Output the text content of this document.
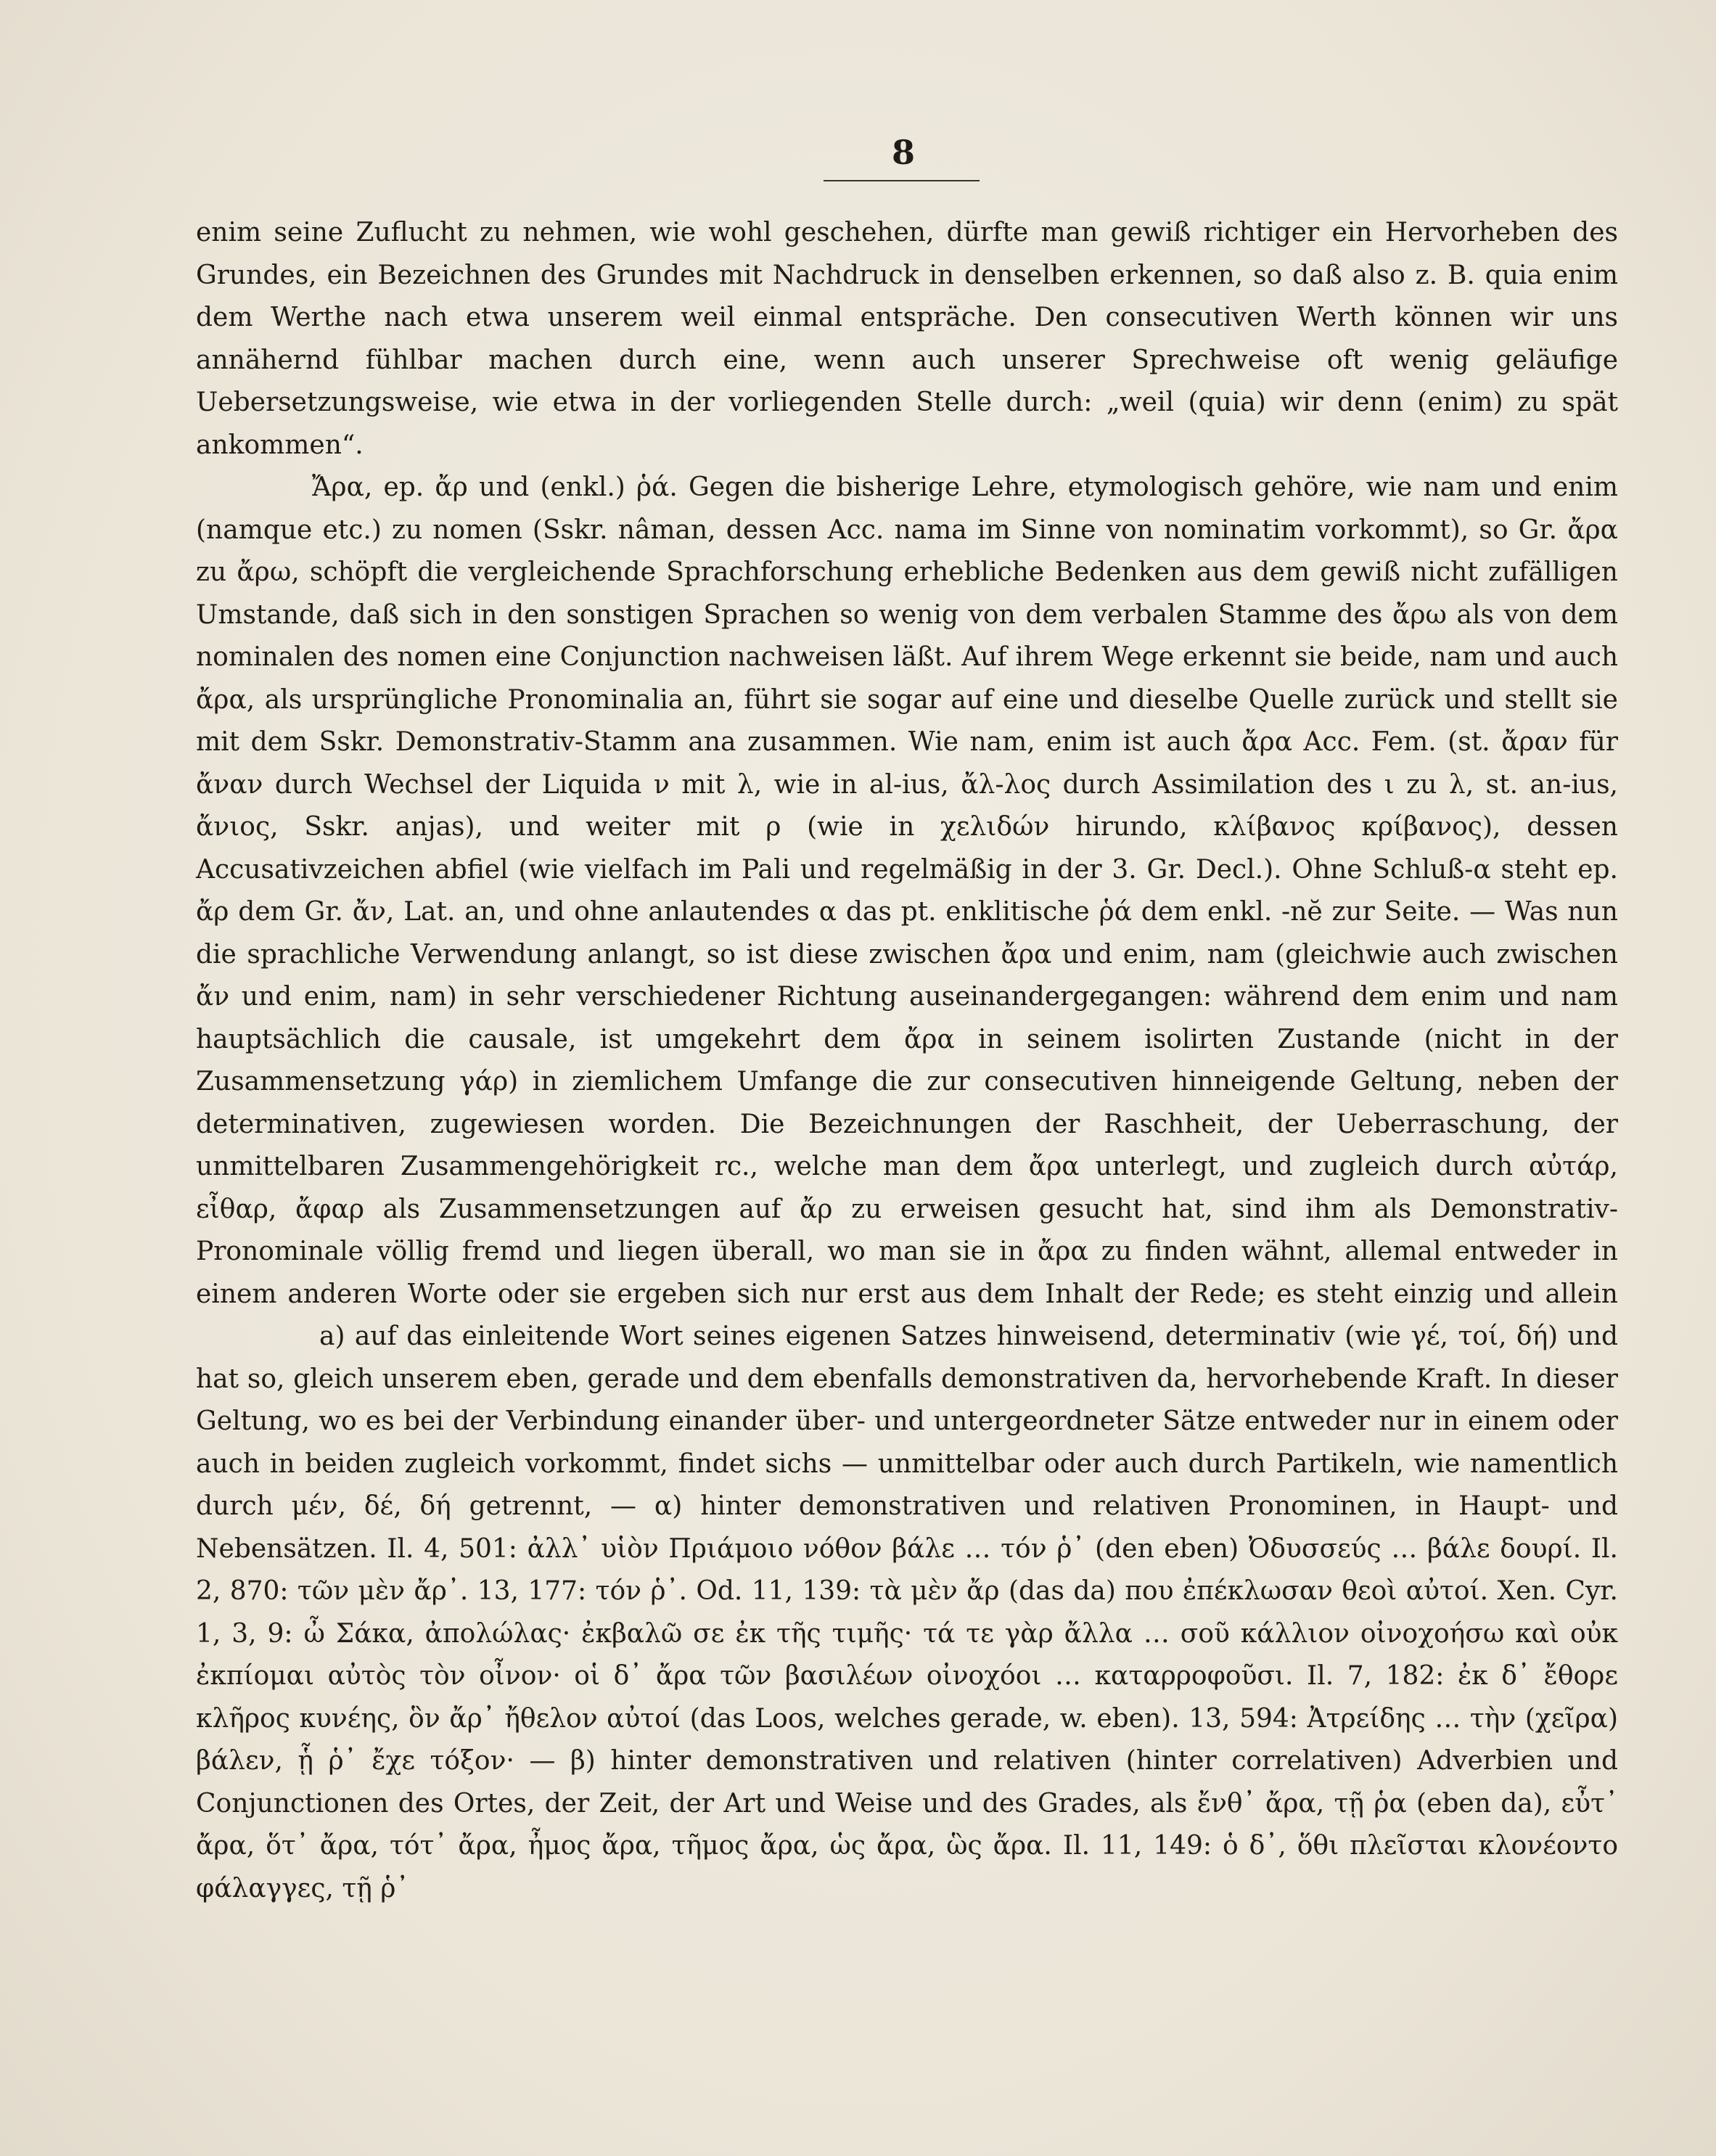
8

enim seine Zuflucht zu nehmen, wie wohl geschehen, dürfte man gewiß richtiger ein Hervorheben des Grundes, ein Bezeichnen des Grundes mit Nachdruck in denselben erkennen, so daß also z. B. quia enim dem Werthe nach etwa unserem weil einmal entspräche. Den consecutiven Werth können wir uns annähernd fühlbar machen durch eine, wenn auch unserer Sprechweise oft wenig geläufige Uebersetzungsweise, wie etwa in der vorliegenden Stelle durch: „weil (quia) wir denn (enim) zu spät ankommen“.

Ἄρα, ep. ἄρ und (enkl.) ῥά. Gegen die bisherige Lehre, etymologisch gehöre, wie nam und enim (namque etc.) zu nomen (Sskr. nâman, dessen Acc. nama im Sinne von nominatim vorkommt), so Gr. ἄρα zu ἄρω, schöpft die vergleichende Sprachforschung erhebliche Bedenken aus dem gewiß nicht zufälligen Umstande, daß sich in den sonstigen Sprachen so wenig von dem verbalen Stamme des ἄρω als von dem nominalen des nomen eine Conjunction nachweisen läßt. Auf ihrem Wege erkennt sie beide, nam und auch ἄρα, als ursprüngliche Pronominalia an, führt sie sogar auf eine und dieselbe Quelle zurück und stellt sie mit dem Sskr. Demonstrativ-Stamm ana zusammen. Wie nam, enim ist auch ἄρα Acc. Fem. (st. ἄραν für ἄναν durch Wechsel der Liquida ν mit λ, wie in al-ius, ἄλ-λος durch Assimilation des ι zu λ, st. an-ius, ἄνιος, Sskr. anjas), und weiter mit ρ (wie in χελιδών hirundo, κλίβανος κρίβανος), dessen Accusativzeichen abfiel (wie vielfach im Pali und regelmäßig in der 3. Gr. Decl.). Ohne Schluß-α steht ep. ἄρ dem Gr. ἄν, Lat. an, und ohne anlautendes α das pt. enklitische ῥά dem enkl. -nĕ zur Seite. — Was nun die sprachliche Verwendung anlangt, so ist diese zwischen ἄρα und enim, nam (gleichwie auch zwischen ἄν und enim, nam) in sehr verschiedener Richtung auseinandergegangen: während dem enim und nam hauptsächlich die causale, ist umgekehrt dem ἄρα in seinem isolirten Zustande (nicht in der Zusammensetzung γάρ) in ziemlichem Umfange die zur consecutiven hinneigende Geltung, neben der determinativen, zugewiesen worden. Die Bezeichnungen der Raschheit, der Ueberraschung, der unmittelbaren Zusammengehörigkeit rc., welche man dem ἄρα unterlegt, und zugleich durch αὐτάρ, εἶθαρ, ἄφαρ als Zusammensetzungen auf ἄρ zu erweisen gesucht hat, sind ihm als Demonstrativ-Pronominale völlig fremd und liegen überall, wo man sie in ἄρα zu finden wähnt, allemal entweder in einem anderen Worte oder sie ergeben sich nur erst aus dem Inhalt der Rede; es steht einzig und allein

a) auf das einleitende Wort seines eigenen Satzes hinweisend, determinativ (wie γέ, τοί, δή) und hat so, gleich unserem eben, gerade und dem ebenfalls demonstrativen da, hervorhebende Kraft. In dieser Geltung, wo es bei der Verbindung einander über- und untergeordneter Sätze entweder nur in einem oder auch in beiden zugleich vorkommt, findet sichs — unmittelbar oder auch durch Partikeln, wie namentlich durch μέν, δέ, δή getrennt, — α) hinter demonstrativen und relativen Pronominen, in Haupt- und Nebensätzen. Il. 4, 501: ἀλλ᾽ υἱὸν Πριάμοιο νόθον βάλε … τόν ῥ᾽ (den eben) Ὀδυσσεύς … βάλε δουρί. Il. 2, 870: τῶν μὲν ἄρ᾽. 13, 177: τόν ῥ᾽. Od. 11, 139: τὰ μὲν ἄρ (das da) που ἐπέκλωσαν θεοὶ αὐτοί. Xen. Cyr. 1, 3, 9: ὦ Σάκα, ἀπολώλας· ἐκβαλῶ σε ἐκ τῆς τιμῆς· τά τε γὰρ ἄλλα … σοῦ κάλλιον οἰνοχοήσω καὶ οὐκ ἐκπίομαι αὐτὸς τὸν οἶνον· οἱ δ᾽ ἄρα τῶν βασιλέων οἰνοχόοι … καταρροφοῦσι. Il. 7, 182: ἐκ δ᾽ ἔθορε κλῆρος κυνέης, ὃν ἄρ᾽ ἤθελον αὐτοί (das Loos, welches gerade, w. eben). 13, 594: Ἀτρείδης … τὴν (χεῖρα) βάλεν, ᾗ ῥ᾽ ἔχε τόξον· — β) hinter demonstrativen und relativen (hinter correlativen) Adverbien und Conjunctionen des Ortes, der Zeit, der Art und Weise und des Grades, als ἔνθ᾽ ἄρα, τῇ ῥα (eben da), εὖτ᾽ ἄρα, ὅτ᾽ ἄρα, τότ᾽ ἄρα, ἦμος ἄρα, τῆμος ἄρα, ὡς ἄρα, ὣς ἄρα. Il. 11, 149: ὁ δ᾽, ὅθι πλεῖσται κλονέοντο φάλαγγες, τῇ ῥ᾽
